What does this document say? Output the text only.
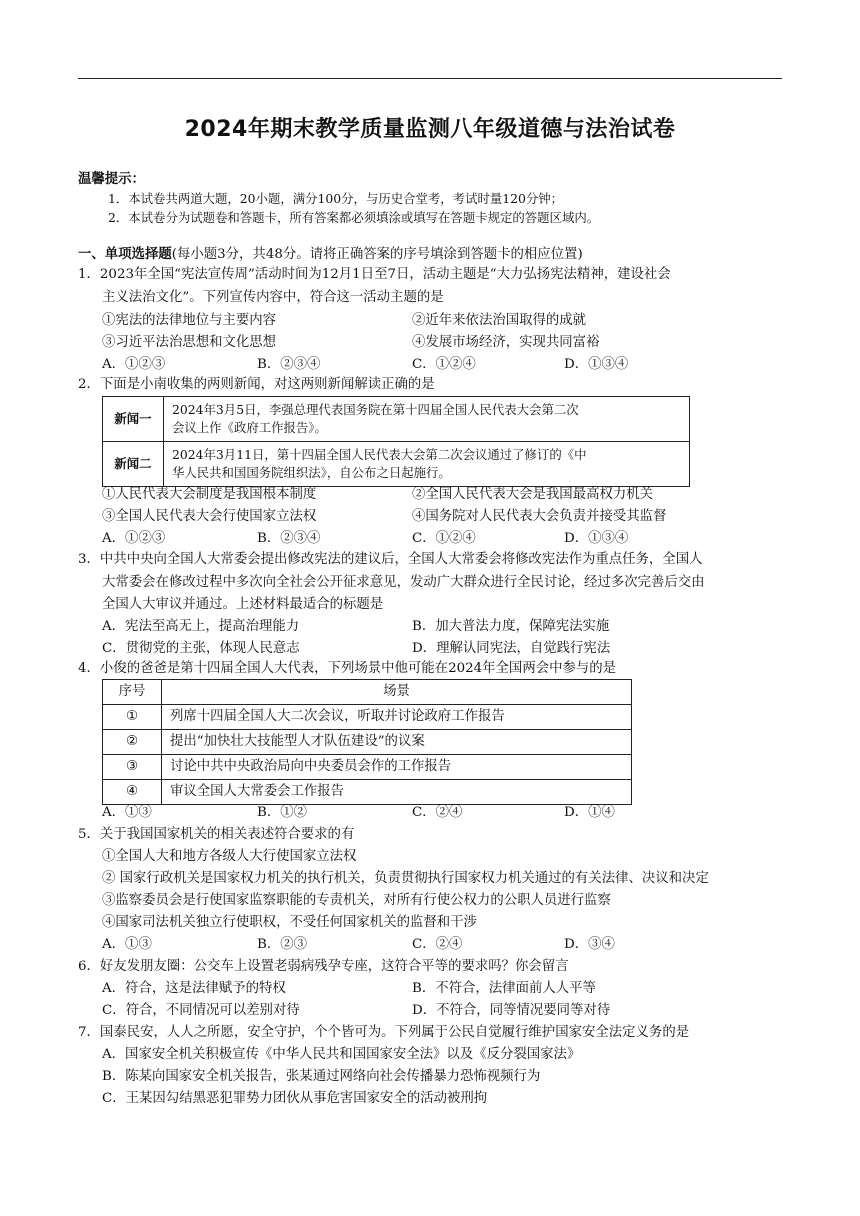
2024年期末教学质量监测八年级道德与法治试卷
温馨提示：
1．本试卷共两道大题，20小题，满分100分，与历史合堂考，考试时量120分钟；
2．本试卷分为试题卷和答题卡，所有答案都必须填涂或填写在答题卡规定的答题区域内。
一、单项选择题(每小题3分，共48分。请将正确答案的序号填涂到答题卡的相应位置)
1．2023年全国“宪法宣传周”活动时间为12月1日至7日，活动主题是“大力弘扬宪法精神，建设社会
主义法治文化”。下列宣传内容中，符合这一活动主题的是
①宪法的法律地位与主要内容	②近年来依法治国取得的成就
③习近平法治思想和文化思想	④发展市场经济，实现共同富裕
A．①②③	B．②③④	C．①②④	D．①③④
2．下面是小南收集的两则新闻，对这两则新闻解读正确的是
新闻一	2024年3月5日，李强总理代表国务院在第十四届全国人民代表大会第二次
会议上作《政府工作报告》。

新闻二	2024年3月11日，第十四届全国人民代表大会第二次会议通过了修订的《中
华人民共和国国务院组织法》，自公布之日起施行。
①人民代表大会制度是我国根本制度	②全国人民代表大会是我国最高权力机关
③全国人民代表大会行使国家立法权	④国务院对人民代表大会负责并接受其监督
A．①②③	B．②③④	C．①②④	D．①③④
3．中共中央向全国人大常委会提出修改宪法的建议后，全国人大常委会将修改宪法作为重点任务，全国人
大常委会在修改过程中多次向全社会公开征求意见，发动广大群众进行全民讨论，经过多次完善后交由
全国人大审议并通过。上述材料最适合的标题是
A．宪法至高无上，提高治理能力	B．加大普法力度，保障宪法实施
C．贯彻党的主张，体现人民意志	D．理解认同宪法，自觉践行宪法
4．小俊的爸爸是第十四届全国人大代表，下列场景中他可能在2024年全国两会中参与的是
序号	场景
①	列席十四届全国人大二次会议，听取并讨论政府工作报告
②	提出“加快壮大技能型人才队伍建设”的议案
③	讨论中共中央政治局向中央委员会作的工作报告
④	审议全国人大常委会工作报告
A．①③	B．①②	C．②④	D．①④
5．关于我国国家机关的相关表述符合要求的有
①全国人大和地方各级人大行使国家立法权
② 国家行政机关是国家权力机关的执行机关，负责贯彻执行国家权力机关通过的有关法律、决议和决定
③监察委员会是行使国家监察职能的专责机关，对所有行使公权力的公职人员进行监察
④国家司法机关独立行使职权，不受任何国家机关的监督和干涉
A．①③	B．②③	C．②④	D．③④
6．好友发朋友圈：公交车上设置老弱病残孕专座，这符合平等的要求吗？你会留言
A．符合，这是法律赋予的特权	B．不符合，法律面前人人平等
C．符合，不同情况可以差别对待	D．不符合，同等情况要同等对待
7．国泰民安，人人之所愿，安全守护，个个皆可为。下列属于公民自觉履行维护国家安全法定义务的是
A．国家安全机关积极宣传《中华人民共和国国家安全法》以及《反分裂国家法》
B．陈某向国家安全机关报告，张某通过网络向社会传播暴力恐怖视频行为
C．王某因勾结黑恶犯罪势力团伙从事危害国家安全的活动被刑拘
